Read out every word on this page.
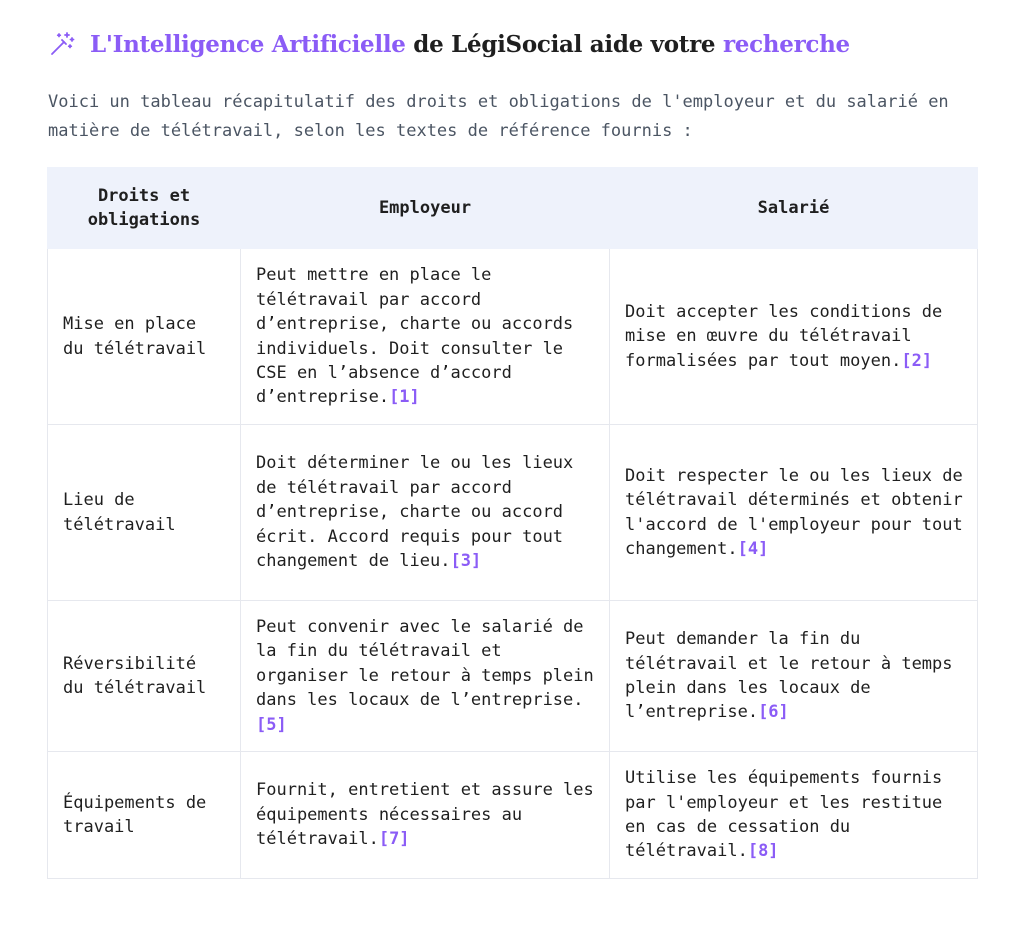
L'Intelligence Artificielle de LégiSocial aide votre recherche

Voici un tableau récapitulatif des droits et obligations de l'employeur et du salarié en matière de télétravail, selon les textes de référence fournis :

Droits et obligations	Employeur	Salarié
Mise en place du télétravail	Peut mettre en place le télétravail par accord d’entreprise, charte ou accords individuels. Doit consulter le CSE en l’absence d’accord d’entreprise.[1]	Doit accepter les conditions de mise en œuvre du télétravail formalisées par tout moyen.[2]
Lieu de télétravail	Doit déterminer le ou les lieux de télétravail par accord d’entreprise, charte ou accord écrit. Accord requis pour tout changement de lieu.[3]	Doit respecter le ou les lieux de télétravail déterminés et obtenir l'accord de l'employeur pour tout changement.[4]
Réversibilité du télétravail	Peut convenir avec le salarié de la fin du télétravail et organiser le retour à temps plein dans les locaux de l’entreprise.[5]	Peut demander la fin du télétravail et le retour à temps plein dans les locaux de l’entreprise.[6]
Équipements de travail	Fournit, entretient et assure les équipements nécessaires au télétravail.[7]	Utilise les équipements fournis par l'employeur et les restitue en cas de cessation du télétravail.[8]
